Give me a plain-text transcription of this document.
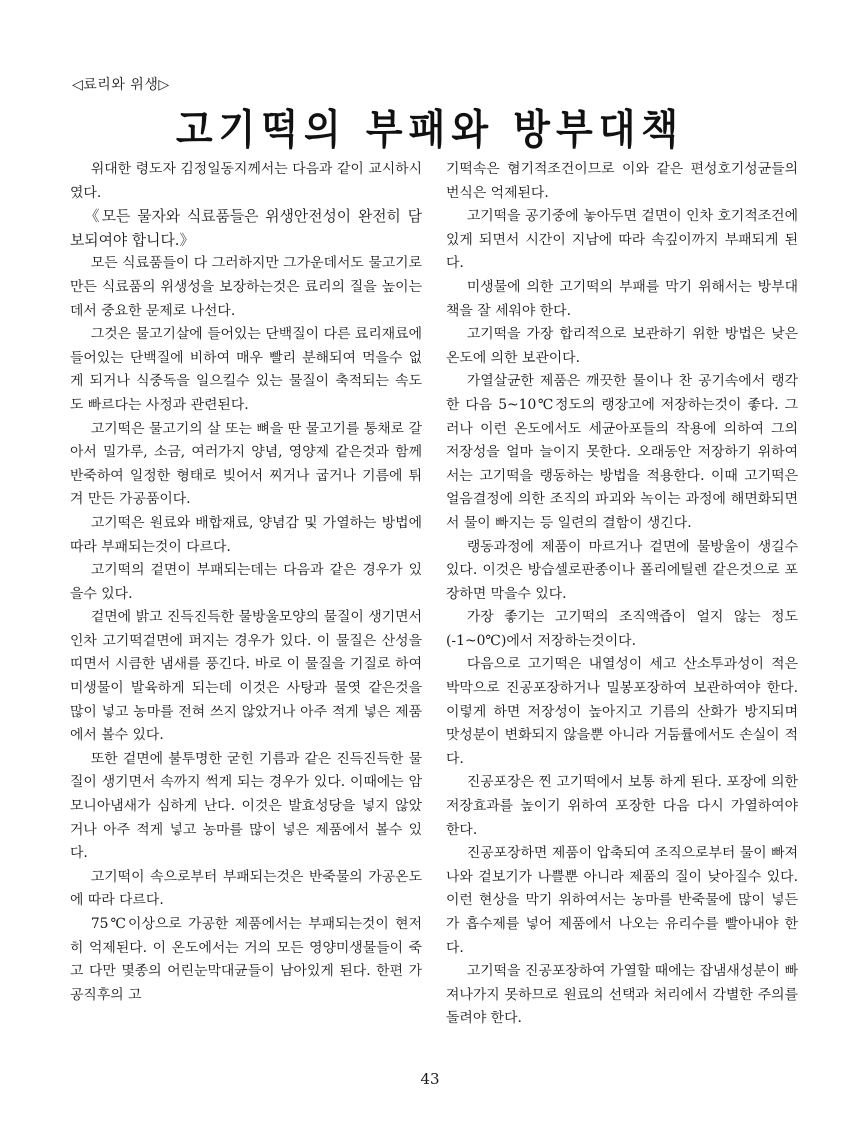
◁료리와 위생▷
고기떡의 부패와 방부대책

위대한 령도자 김정일동지께서는 다음과 같이 교시하시였다.

《모든 물자와 식료품들은 위생안전성이 완전히 담보되여야 합니다.》

모든 식료품들이 다 그러하지만 그가운데서도 물고기로 만든 식료품의 위생성을 보장하는것은 료리의 질을 높이는데서 중요한 문제로 나선다.

그것은 물고기살에 들어있는 단백질이 다른 료리재료에 들어있는 단백질에 비하여 매우 빨리 분해되여 먹을수 없게 되거나 식중독을 일으킬수 있는 물질이 축적되는 속도도 빠르다는 사정과 관련된다.

고기떡은 물고기의 살 또는 뼈을 딴 물고기를 통채로 갈아서 밀가루, 소금, 여러가지 양념, 영양제 같은것과 함께 반죽하여 일정한 형태로 빚어서 찌거나 굽거나 기름에 튀겨 만든 가공품이다.

고기떡은 원료와 배합재료, 양념감 및 가열하는 방법에 따라 부패되는것이 다르다.

고기떡의 겉면이 부패되는데는 다음과 같은 경우가 있을수 있다.

겉면에 밝고 진득진득한 물방울모양의 물질이 생기면서 인차 고기떡겉면에 퍼지는 경우가 있다. 이 물질은 산성을 띠면서 시큼한 냄새를 풍긴다. 바로 이 물질을 기질로 하여 미생물이 발육하게 되는데 이것은 사탕과 물엿 같은것을 많이 넣고 농마를 전혀 쓰지 않았거나 아주 적게 넣은 제품에서 볼수 있다.

또한 겉면에 불투명한 굳힌 기름과 같은 진득진득한 물질이 생기면서 속까지 썩게 되는 경우가 있다. 이때에는 암모니아냄새가 심하게 난다. 이것은 발효성당을 넣지 않았거나 아주 적게 넣고 농마를 많이 넣은 제품에서 볼수 있다.

고기떡이 속으로부터 부패되는것은 반죽물의 가공온도에 따라 다르다.

75℃이상으로 가공한 제품에서는 부패되는것이 현저히 억제된다. 이 온도에서는 거의 모든 영양미생물들이 죽고 다만 몇종의 어린눈막대균들이 남아있게 된다. 한편 가공직후의 고

기떡속은 혐기적조건이므로 이와 같은 편성호기성균들의 번식은 억제된다.

고기떡을 공기중에 놓아두면 겉면이 인차 호기적조건에 있게 되면서 시간이 지남에 따라 속깊이까지 부패되게 된다.

미생물에 의한 고기떡의 부패를 막기 위해서는 방부대책을 잘 세워야 한다.

고기떡을 가장 합리적으로 보관하기 위한 방법은 낮은 온도에 의한 보관이다.

가열살균한 제품은 깨끗한 물이나 찬 공기속에서 랭각한 다음 5~10℃정도의 랭장고에 저장하는것이 좋다. 그러나 이런 온도에서도 세균아포들의 작용에 의하여 그의 저장성을 얼마 늘이지 못한다. 오래동안 저장하기 위하여서는 고기떡을 랭동하는 방법을 적용한다. 이때 고기떡은 얼음결정에 의한 조직의 파괴와 녹이는 과정에 해면화되면서 물이 빠지는 등 일련의 결함이 생긴다.

랭동과정에 제품이 마르거나 겉면에 물방울이 생길수 있다. 이것은 방습셀로판종이나 폴리에틸렌 같은것으로 포장하면 막을수 있다.

가장 좋기는 고기떡의 조직액즙이 얼지 않는 정도(-1~0℃)에서 저장하는것이다.

다음으로 고기떡은 내열성이 세고 산소투과성이 적은 박막으로 진공포장하거나 밀봉포장하여 보관하여야 한다. 이렇게 하면 저장성이 높아지고 기름의 산화가 방지되며 맛성분이 변화되지 않을뿐 아니라 거둠률에서도 손실이 적다.

진공포장은 찐 고기떡에서 보통 하게 된다. 포장에 의한 저장효과를 높이기 위하여 포장한 다음 다시 가열하여야 한다.

진공포장하면 제품이 압축되여 조직으로부터 물이 빠져나와 겉보기가 나쁠뿐 아니라 제품의 질이 낮아질수 있다. 이런 현상을 막기 위하여서는 농마를 반죽물에 많이 넣든가 흡수제를 넣어 제품에서 나오는 유리수를 빨아내야 한다.

고기떡을 진공포장하여 가열할 때에는 잡냄새성분이 빠져나가지 못하므로 원료의 선택과 처리에서 각별한 주의를 돌려야 한다.

43
